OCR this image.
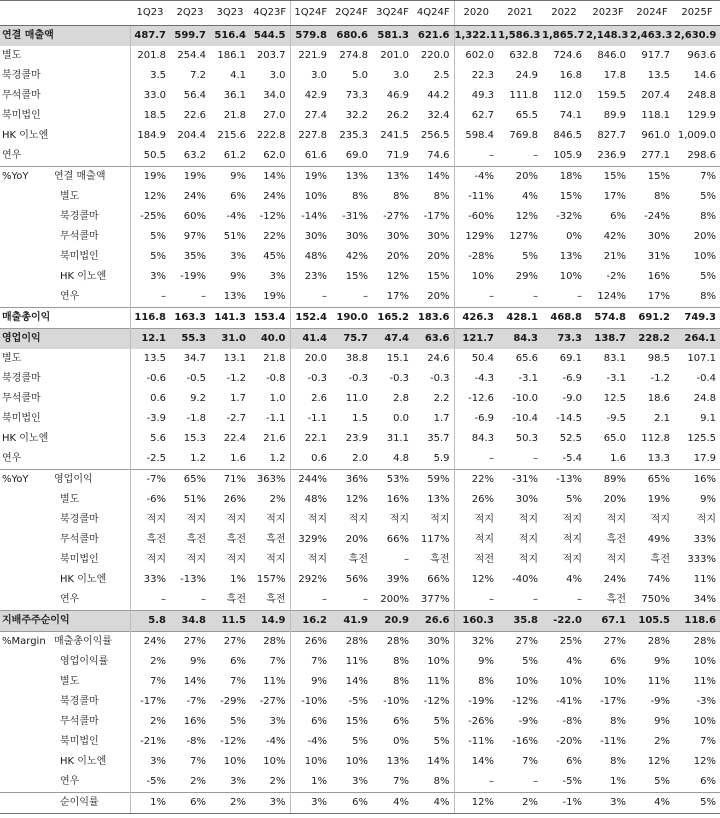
		1Q23	2Q23	3Q23	4Q23F	1Q24F	2Q24F	3Q24F	4Q24F	2020	2021	2022	2023F	2024F	2025F
연결 매출액		487.7	599.7	516.4	544.5	579.8	680.6	581.3	621.6	1,322.1	1,586.3	1,865.7	2,148.3	2,463.3	2,630.9
별도		201.8	254.4	186.1	203.7	221.9	274.8	201.0	220.0	602.0	632.8	724.6	846.0	917.7	963.6
북경콜마		3.5	7.2	4.1	3.0	3.0	5.0	3.0	2.5	22.3	24.9	16.8	17.8	13.5	14.6
무석콜마		33.0	56.4	36.1	34.0	42.9	73.3	46.9	44.2	49.3	111.8	112.0	159.5	207.4	248.8
북미법인		18.5	22.6	21.8	27.0	27.4	32.2	26.2	32.4	62.7	65.5	74.1	89.9	118.1	129.9
HK 이노엔		184.9	204.4	215.6	222.8	227.8	235.3	241.5	256.5	598.4	769.8	846.5	827.7	961.0	1,009.0
연우		50.5	63.2	61.2	62.0	61.6	69.0	71.9	74.6	–	–	105.9	236.9	277.1	298.6
%YoY	연결 매출액	19%	19%	9%	14%	19%	13%	13%	14%	-4%	20%	18%	15%	15%	7%
	별도	12%	24%	6%	24%	10%	8%	8%	8%	-11%	4%	15%	17%	8%	5%
	북경콜마	-25%	60%	-4%	-12%	-14%	-31%	-27%	-17%	-60%	12%	-32%	6%	-24%	8%
	무석콜마	5%	97%	51%	22%	30%	30%	30%	30%	129%	127%	0%	42%	30%	20%
	북미법인	5%	35%	3%	45%	48%	42%	20%	20%	-28%	5%	13%	21%	31%	10%
	HK 이노엔	3%	-19%	9%	3%	23%	15%	12%	15%	10%	29%	10%	-2%	16%	5%
	연우	–	–	13%	19%	–	–	17%	20%	–	–	–	124%	17%	8%
매출총이익		116.8	163.3	141.3	153.4	152.4	190.0	165.2	183.6	426.3	428.1	468.8	574.8	691.2	749.3
영업이익		12.1	55.3	31.0	40.0	41.4	75.7	47.4	63.6	121.7	84.3	73.3	138.7	228.2	264.1
별도		13.5	34.7	13.1	21.8	20.0	38.8	15.1	24.6	50.4	65.6	69.1	83.1	98.5	107.1
북경콜마		-0.6	-0.5	-1.2	-0.8	-0.3	-0.3	-0.3	-0.3	-4.3	-3.1	-6.9	-3.1	-1.2	-0.4
무석콜마		0.6	9.2	1.7	1.0	2.6	11.0	2.8	2.2	-12.6	-10.0	-9.0	12.5	18.6	24.8
북미법인		-3.9	-1.8	-2.7	-1.1	-1.1	1.5	0.0	1.7	-6.9	-10.4	-14.5	-9.5	2.1	9.1
HK 이노엔		5.6	15.3	22.4	21.6	22.1	23.9	31.1	35.7	84.3	50.3	52.5	65.0	112.8	125.5
연우		-2.5	1.2	1.6	1.2	0.6	2.0	4.8	5.9	–	–	-5.4	1.6	13.3	17.9
%YoY	영업이익	-7%	65%	71%	363%	244%	36%	53%	59%	22%	-31%	-13%	89%	65%	16%
	별도	-6%	51%	26%	2%	48%	12%	16%	13%	26%	30%	5%	20%	19%	9%
	북경콜마	적지	적지	적지	적지	적지	적지	적지	적지	적지	적지	적지	적지	적지	적지
	무석콜마	흑전	흑전	흑전	흑전	329%	20%	66%	117%	적지	적지	적지	흑전	49%	33%
	북미법인	적지	적지	적지	적지	적지	흑전	–	흑전	적전	적지	적지	적지	흑전	333%
	HK 이노엔	33%	-13%	1%	157%	292%	56%	39%	66%	12%	-40%	4%	24%	74%	11%
	연우	–	–	흑전	흑전	–	–	200%	377%	–	–	–	흑전	750%	34%
지배주주순이익		5.8	34.8	11.5	14.9	16.2	41.9	20.9	26.6	160.3	35.8	-22.0	67.1	105.5	118.6
%Margin	매출총이익률	24%	27%	27%	28%	26%	28%	28%	30%	32%	27%	25%	27%	28%	28%
	영업이익률	2%	9%	6%	7%	7%	11%	8%	10%	9%	5%	4%	6%	9%	10%
	별도	7%	14%	7%	11%	9%	14%	8%	11%	8%	10%	10%	10%	11%	11%
	북경콜마	-17%	-7%	-29%	-27%	-10%	-5%	-10%	-12%	-19%	-12%	-41%	-17%	-9%	-3%
	무석콜마	2%	16%	5%	3%	6%	15%	6%	5%	-26%	-9%	-8%	8%	9%	10%
	북미법인	-21%	-8%	-12%	-4%	-4%	5%	0%	5%	-11%	-16%	-20%	-11%	2%	7%
	HK 이노엔	3%	7%	10%	10%	10%	10%	13%	14%	14%	7%	6%	8%	12%	12%
	연우	-5%	2%	3%	2%	1%	3%	7%	8%	–	–	-5%	1%	5%	6%
	순이익률	1%	6%	2%	3%	3%	6%	4%	4%	12%	2%	-1%	3%	4%	5%
